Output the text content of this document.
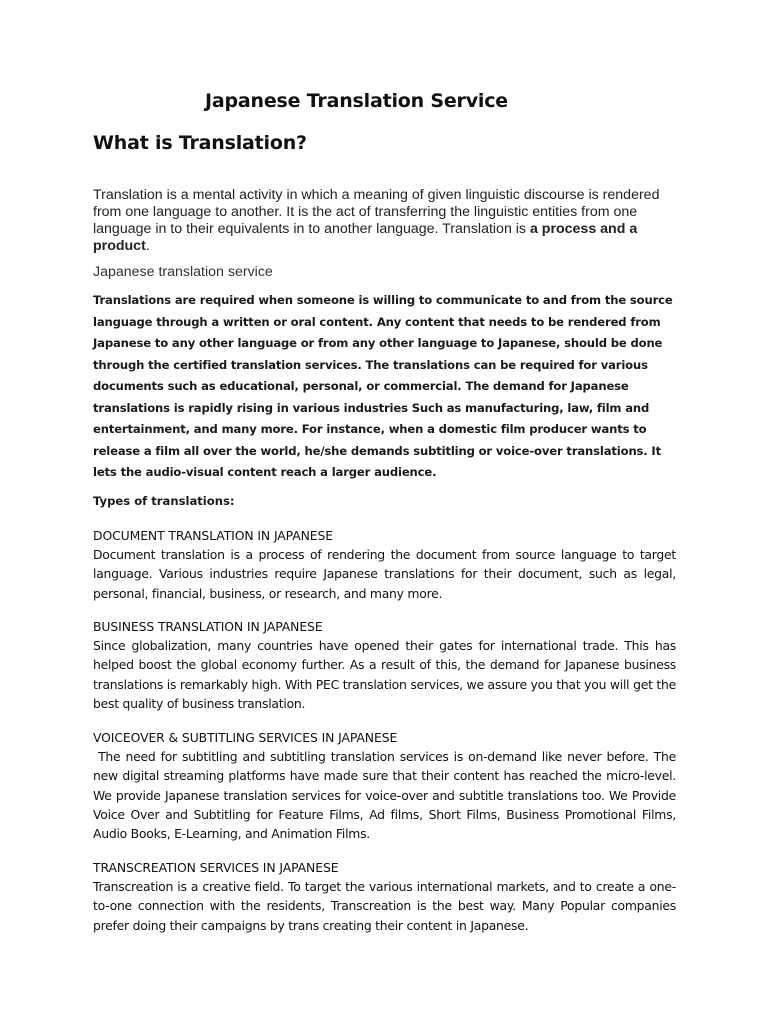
Japanese Translation Service
What is Translation?
Translation is a mental activity in which a meaning of given linguistic discourse is rendered from one language to another. It is the act of transferring the linguistic entities from one language in to their equivalents in to another language. Translation is a process and a product.
Japanese translation service
Translations are required when someone is willing to communicate to and from the source language through a written or oral content. Any content that needs to be rendered from Japanese to any other language or from any other language to Japanese, should be done through the certified translation services. The translations can be required for various documents such as educational, personal, or commercial. The demand for Japanese translations is rapidly rising in various industries Such as manufacturing, law, film and entertainment, and many more. For instance, when a domestic film producer wants to release a film all over the world, he/she demands subtitling or voice-over translations. It lets the audio-visual content reach a larger audience.
Types of translations:
DOCUMENT TRANSLATION IN JAPANESE
Document translation is a process of rendering the document from source language to target language. Various industries require Japanese translations for their document, such as legal, personal, financial, business, or research, and many more.
BUSINESS TRANSLATION IN JAPANESE
Since globalization, many countries have opened their gates for international trade. This has helped boost the global economy further. As a result of this, the demand for Japanese business translations is remarkably high. With PEC translation services, we assure you that you will get the best quality of business translation.
VOICEOVER & SUBTITLING SERVICES IN JAPANESE
The need for subtitling and subtitling translation services is on-demand like never before. The new digital streaming platforms have made sure that their content has reached the micro-level. We provide Japanese translation services for voice-over and subtitle translations too. We Provide Voice Over and Subtitling for Feature Films, Ad films, Short Films, Business Promotional Films, Audio Books, E-Learning, and Animation Films.
TRANSCREATION SERVICES IN JAPANESE
Transcreation is a creative field. To target the various international markets, and to create a one-to-one connection with the residents, Transcreation is the best way. Many Popular companies prefer doing their campaigns by trans creating their content in Japanese.
